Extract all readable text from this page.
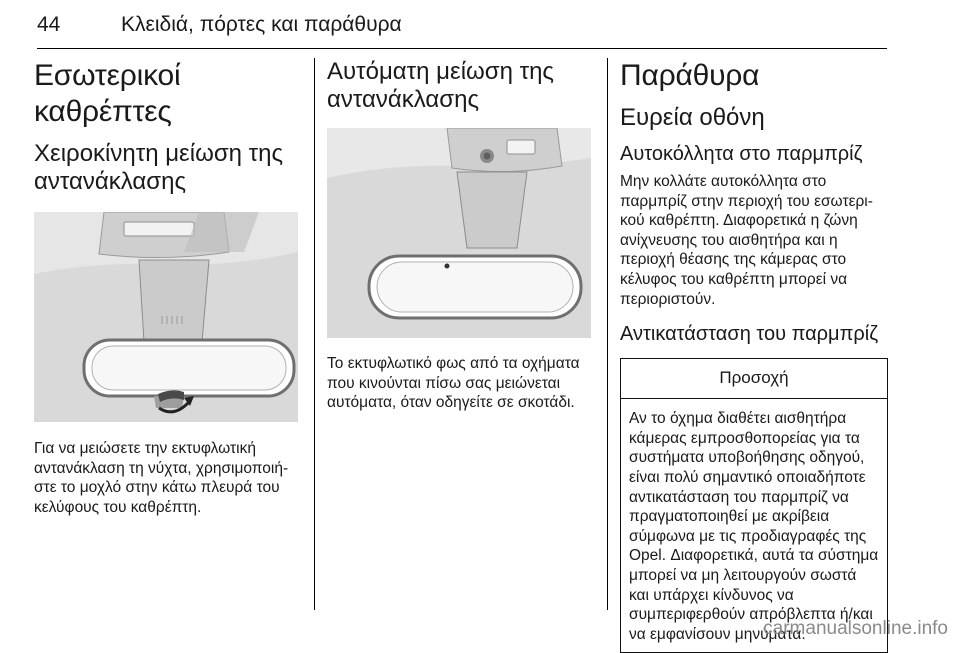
44	Κλειδιά, πόρτες και παράθυρα
Εσωτερικοί καθρέπτες
Χειροκίνητη μείωση της αντανάκλασης

Για να μειώσετε την εκτυφλωτική αντανάκλαση τη νύχτα, χρησιμοποιήστε το μοχλό στην κάτω πλευρά του κελύφους του καθρέπτη.

Αυτόματη μείωση της αντανάκλασης

Το εκτυφλωτικό φως από τα οχήματα που κινούνται πίσω σας μειώνεται αυτόματα, όταν οδηγείτε σε σκοτάδι.

Παράθυρα
Ευρεία οθόνη
Αυτοκόλλητα στο παρμπρίζ

Μην κολλάτε αυτοκόλλητα στο παρμπρίζ στην περιοχή του εσωτερικού καθρέπτη. Διαφορετικά η ζώνη ανίχνευσης του αισθητήρα και η περιοχή θέασης της κάμερας στο κέλυφος του καθρέπτη μπορεί να περιοριστούν.

Αντικατάσταση του παρμπρίζ
Προσοχή
Αν το όχημα διαθέτει αισθητήρα κάμερας εμπροσθοπορείας για τα συστήματα υποβοήθησης οδηγού, είναι πολύ σημαντικό οποιαδήποτε αντικατάσταση του παρμπρίζ να πραγματοποιηθεί με ακρίβεια σύμφωνα με τις προδιαγραφές της Opel. Διαφορετικά, αυτά τα σύστημα μπορεί να μη λειτουργούν σωστά και υπάρχει κίνδυνος να συμπεριφερθούν απρόβλεπτα ή/και να εμφανίσουν μηνύματα.
carmanualsonline.info
